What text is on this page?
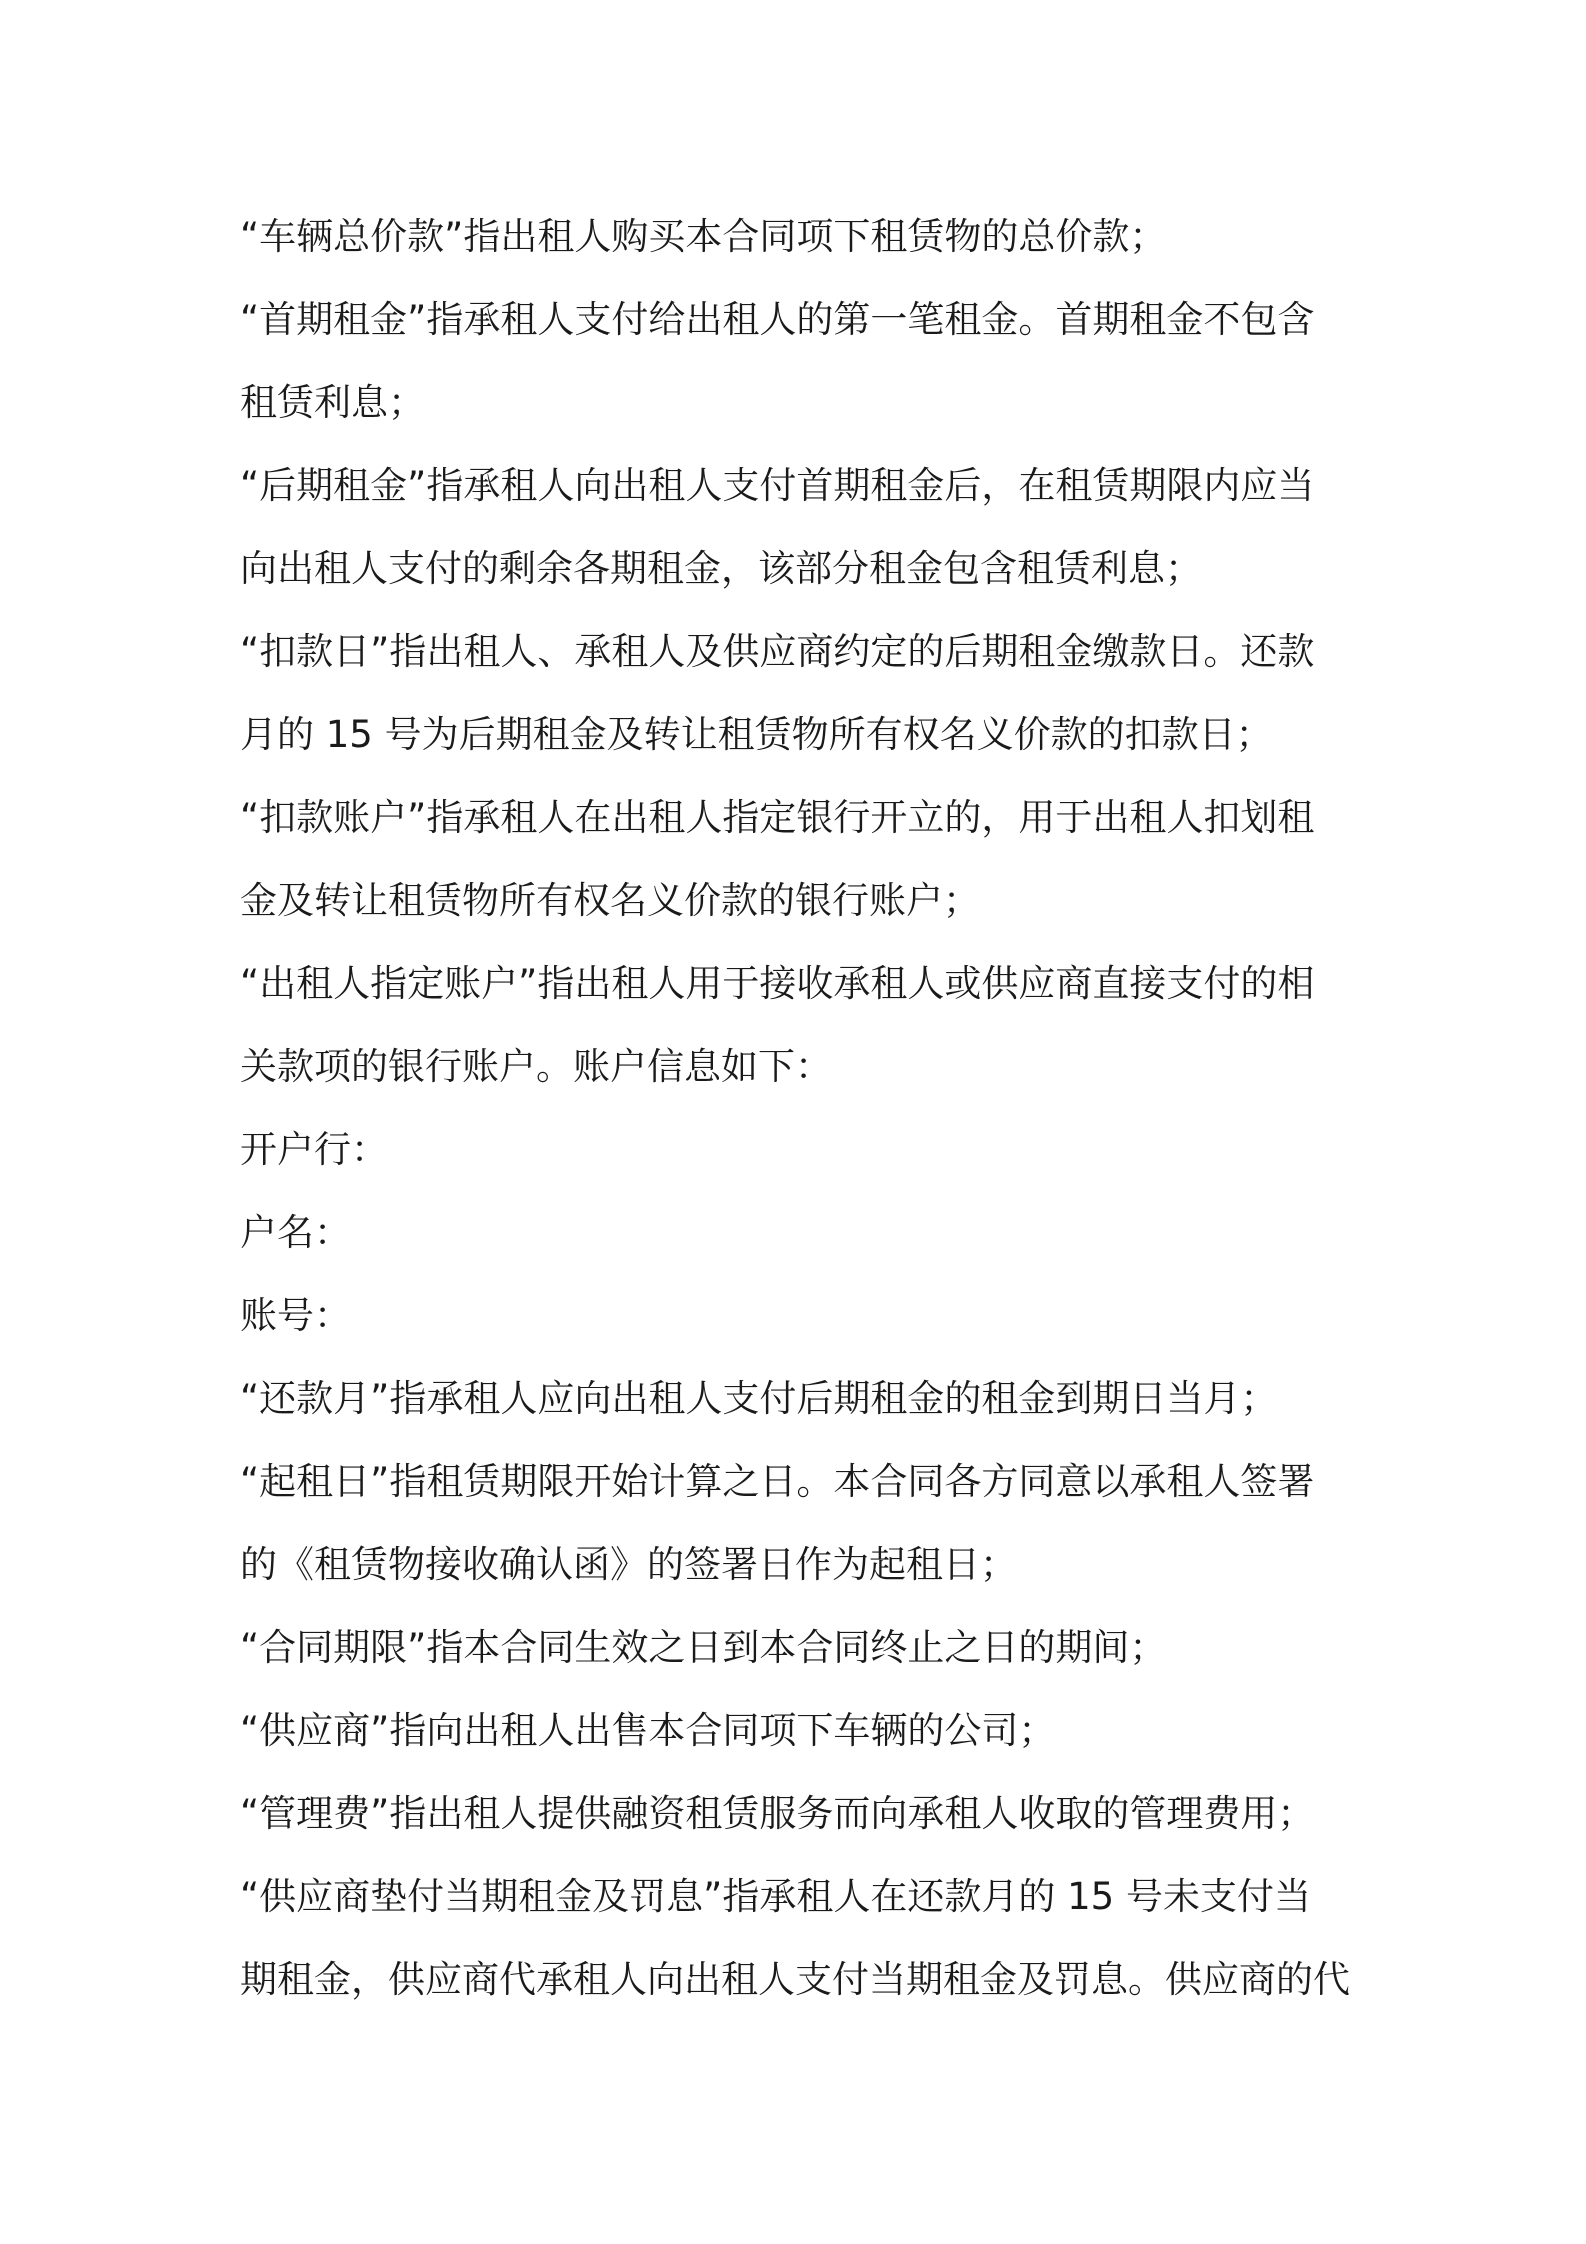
“车辆总价款”指出租人购买本合同项下租赁物的总价款；
“首期租金”指承租人支付给出租人的第一笔租金。首期租金不包含
租赁利息；
“后期租金”指承租人向出租人支付首期租金后，在租赁期限内应当
向出租人支付的剩余各期租金，该部分租金包含租赁利息；
“扣款日”指出租人、承租人及供应商约定的后期租金缴款日。还款
月的 15 号为后期租金及转让租赁物所有权名义价款的扣款日；
“扣款账户”指承租人在出租人指定银行开立的，用于出租人扣划租
金及转让租赁物所有权名义价款的银行账户；
“出租人指定账户”指出租人用于接收承租人或供应商直接支付的相
关款项的银行账户。账户信息如下：
开户行：
户名：
账号：
“还款月”指承租人应向出租人支付后期租金的租金到期日当月；
“起租日”指租赁期限开始计算之日。本合同各方同意以承租人签署
的《租赁物接收确认函》的签署日作为起租日；
“合同期限”指本合同生效之日到本合同终止之日的期间；
“供应商”指向出租人出售本合同项下车辆的公司；
“管理费”指出租人提供融资租赁服务而向承租人收取的管理费用；
“供应商垫付当期租金及罚息”指承租人在还款月的 15 号未支付当
期租金，供应商代承租人向出租人支付当期租金及罚息。供应商的代
